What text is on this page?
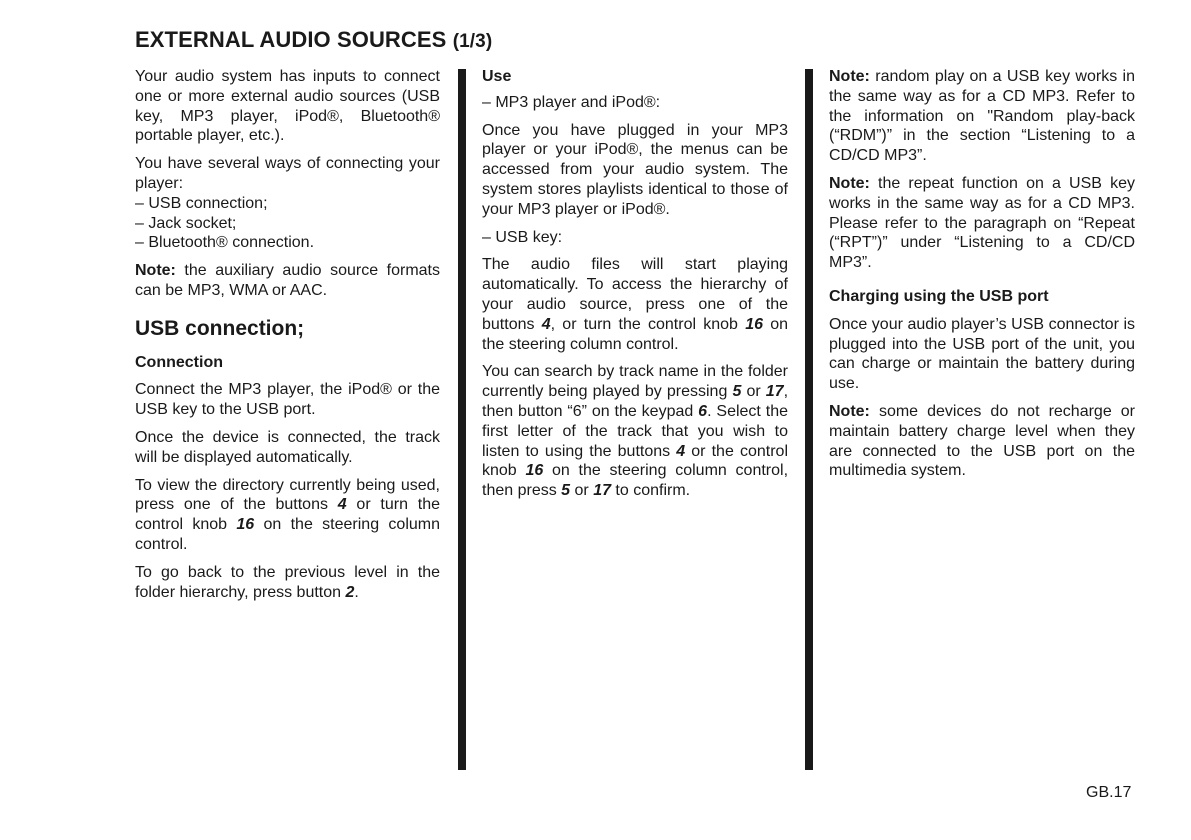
EXTERNAL AUDIO SOURCES (1/3)

Your audio system has inputs to connect one or more external audio sources (USB key, MP3 player, iPod®, Bluetooth® portable player, etc.).

You have several ways of connecting your player:

– USB connection;
– Jack socket;
– Bluetooth® connection.

Note: the auxiliary audio source formats can be MP3, WMA or AAC.

USB connection;
Connection

Connect the MP3 player, the iPod® or the USB key to the USB port.

Once the device is connected, the track will be displayed automatically.

To view the directory currently being used, press one of the buttons 4 or turn the control knob 16 on the steering column control.

To go back to the previous level in the folder hierarchy, press button 2.

Use

– MP3 player and iPod®:

Once you have plugged in your MP3 player or your iPod®, the menus can be accessed from your audio system. The system stores playlists identical to those of your MP3 player or iPod®.

– USB key:

The audio files will start playing automatically. To access the hierarchy of your audio source, press one of the buttons 4, or turn the control knob 16 on the steering column control.

You can search by track name in the folder currently being played by pressing 5 or 17, then button “6” on the keypad 6. Select the first letter of the track that you wish to listen to using the buttons 4 or the control knob 16 on the steering column control, then press 5 or 17 to confirm.

Note: random play on a USB key works in the same way as for a CD MP3. Refer to the information on "Random play-back (“RDM”)” in the section “Listening to a CD/CD MP3”.

Note: the repeat function on a USB key works in the same way as for a CD MP3. Please refer to the paragraph on “Repeat (“RPT”)” under “Listening to a CD/CD MP3”.

Charging using the USB port

Once your audio player’s USB connector is plugged into the USB port of the unit, you can charge or maintain the battery during use.

Note: some devices do not recharge or maintain battery charge level when they are connected to the USB port on the multimedia system.

GB.17
